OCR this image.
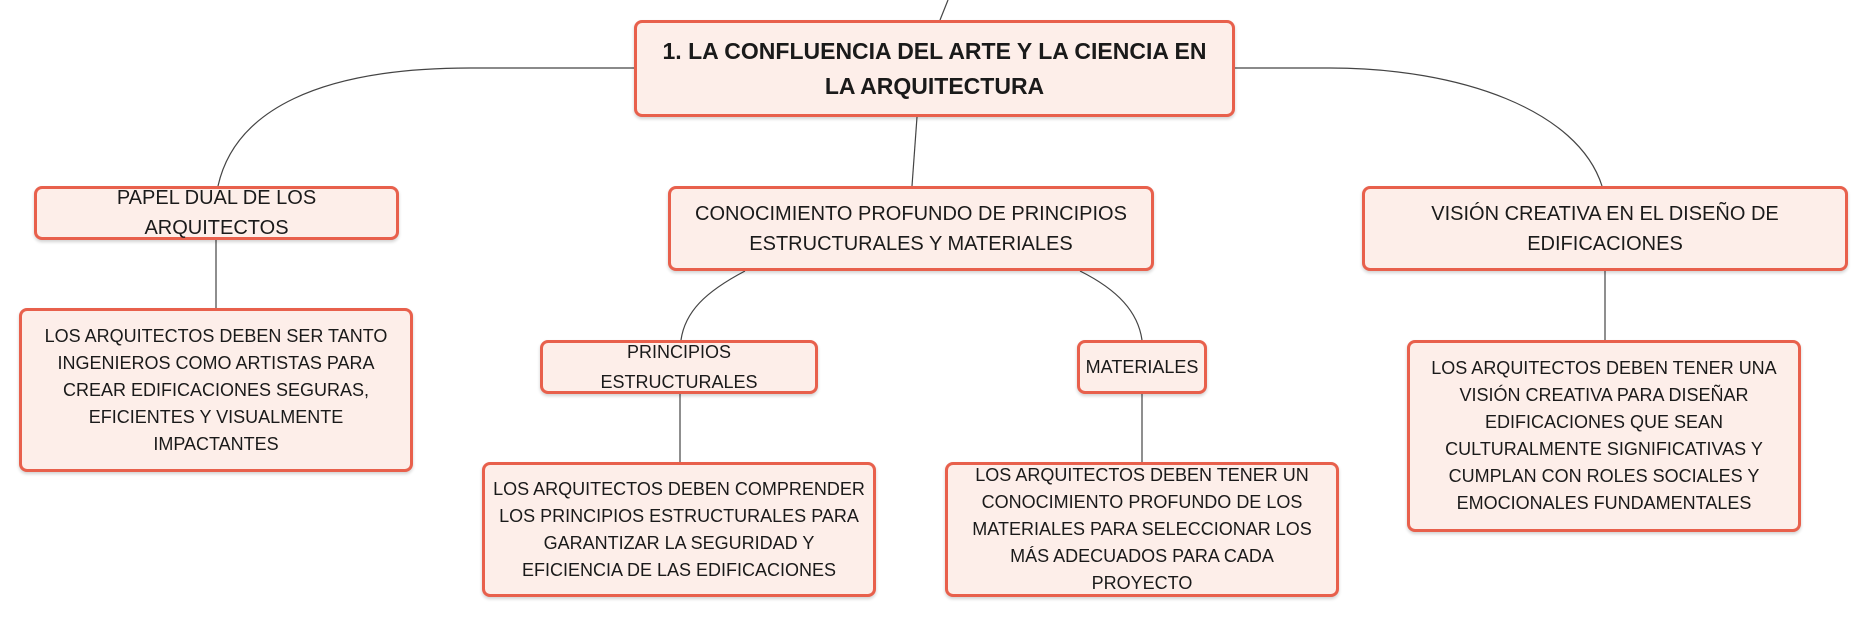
1. LA CONFLUENCIA DEL ARTE Y LA CIENCIA EN LA ARQUITECTURA
PAPEL DUAL DE LOS ARQUITECTOS
CONOCIMIENTO PROFUNDO DE PRINCIPIOS ESTRUCTURALES Y MATERIALES
VISIÓN CREATIVA EN EL DISEÑO DE EDIFICACIONES
LOS ARQUITECTOS DEBEN SER TANTO INGENIEROS COMO ARTISTAS PARA CREAR EDIFICACIONES SEGURAS, EFICIENTES Y VISUALMENTE IMPACTANTES
PRINCIPIOS ESTRUCTURALES
MATERIALES
LOS ARQUITECTOS DEBEN COMPRENDER LOS PRINCIPIOS ESTRUCTURALES PARA GARANTIZAR LA SEGURIDAD Y EFICIENCIA DE LAS EDIFICACIONES
LOS ARQUITECTOS DEBEN TENER UN CONOCIMIENTO PROFUNDO DE LOS MATERIALES PARA SELECCIONAR LOS MÁS ADECUADOS PARA CADA PROYECTO
LOS ARQUITECTOS DEBEN TENER UNA VISIÓN CREATIVA PARA DISEÑAR EDIFICACIONES QUE SEAN CULTURALMENTE SIGNIFICATIVAS Y CUMPLAN CON ROLES SOCIALES Y EMOCIONALES FUNDAMENTALES
